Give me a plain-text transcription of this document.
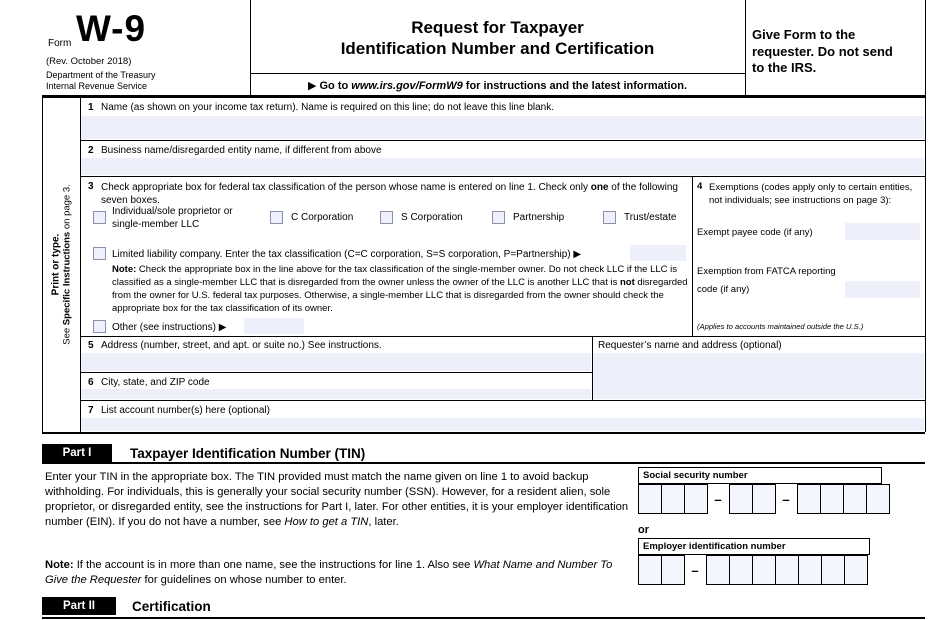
Form W-9
(Rev. October 2018)
Department of the Treasury
Internal Revenue Service
Request for Taxpayer
Identification Number and Certification
▶ Go to www.irs.gov/FormW9 for instructions and the latest information.
Give Form to the requester. Do not send to the IRS.
Print or type.
See Specific Instructions on page 3.
1 Name (as shown on your income tax return). Name is required on this line; do not leave this line blank.
2 Business name/disregarded entity name, if different from above
3 Check appropriate box for federal tax classification of the person whose name is entered on line 1. Check only one of the following seven boxes.
Individual/sole proprietor or
single-member LLC
C Corporation	S Corporation	Partnership	Trust/estate
Limited liability company. Enter the tax classification (C=C corporation, S=S corporation, P=Partnership) ▶
Note: Check the appropriate box in the line above for the tax classification of the single-member owner. Do not check LLC if the LLC is classified as a single-member LLC that is disregarded from the owner unless the owner of the LLC is another LLC that is not disregarded from the owner for U.S. federal tax purposes. Otherwise, a single-member LLC that is disregarded from the owner should check the appropriate box for the tax classification of its owner.
Other (see instructions) ▶
4 Exemptions (codes apply only to certain entities, not individuals; see instructions on page 3):
Exempt payee code (if any)
Exemption from FATCA reporting
code (if any)
(Applies to accounts maintained outside the U.S.)
5 Address (number, street, and apt. or suite no.) See instructions.	Requester’s name and address (optional)
6 City, state, and ZIP code
7 List account number(s) here (optional)
Part I	Taxpayer Identification Number (TIN)
Enter your TIN in the appropriate box. The TIN provided must match the name given on line 1 to avoid backup withholding. For individuals, this is generally your social security number (SSN). However, for a resident alien, sole proprietor, or disregarded entity, see the instructions for Part I, later. For other entities, it is your employer identification number (EIN). If you do not have a number, see How to get a TIN, later.
Note: If the account is in more than one name, see the instructions for line 1. Also see What Name and Number To Give the Requester for guidelines on whose number to enter.
Social security number
–	–
or
Employer identification number
–
Part II	Certification
